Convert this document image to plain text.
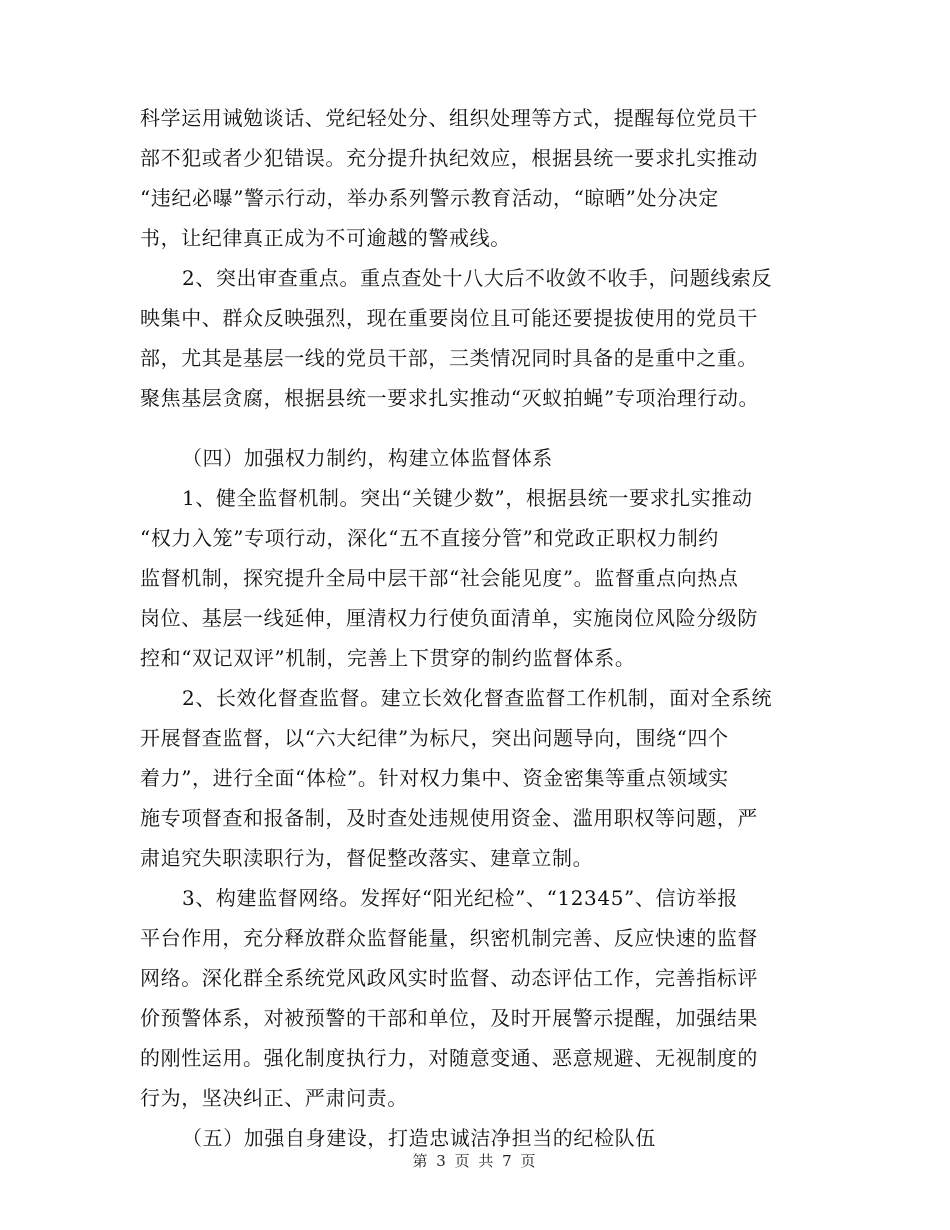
科学运用诫勉谈话、党纪轻处分、组织处理等方式，提醒每位党员干
部不犯或者少犯错误。充分提升执纪效应，根据县统一要求扎实推动
“违纪必曝”警示行动，举办系列警示教育活动，“晾晒”处分决定
书，让纪律真正成为不可逾越的警戒线。
2、突出审查重点。重点查处十八大后不收敛不收手，问题线索反
映集中、群众反映强烈，现在重要岗位且可能还要提拔使用的党员干
部，尤其是基层一线的党员干部，三类情况同时具备的是重中之重。
聚焦基层贪腐，根据县统一要求扎实推动“灭蚁拍蝇”专项治理行动。
（四）加强权力制约，构建立体监督体系
1、健全监督机制。突出“关键少数”，根据县统一要求扎实推动
“权力入笼”专项行动，深化“五不直接分管”和党政正职权力制约
监督机制，探究提升全局中层干部“社会能见度”。监督重点向热点
岗位、基层一线延伸，厘清权力行使负面清单，实施岗位风险分级防
控和“双记双评”机制，完善上下贯穿的制约监督体系。
2、长效化督查监督。建立长效化督查监督工作机制，面对全系统
开展督查监督，以“六大纪律”为标尺，突出问题导向，围绕“四个
着力”，进行全面“体检”。针对权力集中、资金密集等重点领域实
施专项督查和报备制，及时查处违规使用资金、滥用职权等问题，严
肃追究失职渎职行为，督促整改落实、建章立制。
3、构建监督网络。发挥好“阳光纪检”、“12345”、信访举报
平台作用，充分释放群众监督能量，织密机制完善、反应快速的监督
网络。深化群全系统党风政风实时监督、动态评估工作，完善指标评
价预警体系，对被预警的干部和单位，及时开展警示提醒，加强结果
的刚性运用。强化制度执行力，对随意变通、恶意规避、无视制度的
行为，坚决纠正、严肃问责。
（五）加强自身建设，打造忠诚洁净担当的纪检队伍
第 3 页 共 7 页
